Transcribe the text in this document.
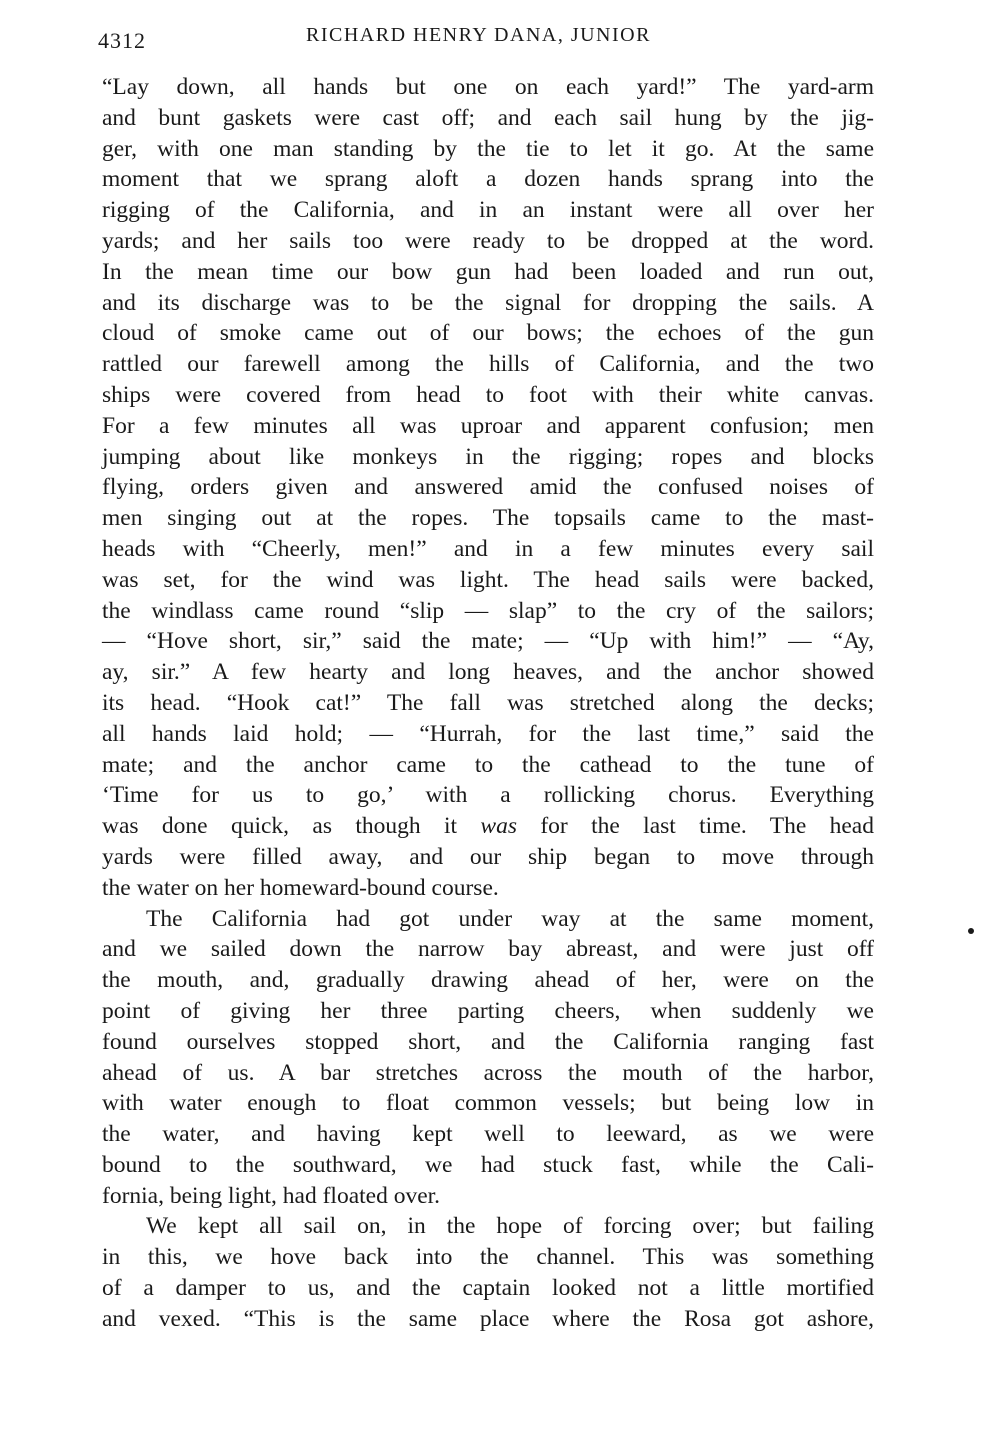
4312	RICHARD HENRY DANA, JUNIOR
“Lay down, all hands but one on each yard!” The yard-arm
and bunt gaskets were cast off; and each sail hung by the jig-
ger, with one man standing by the tie to let it go. At the same
moment that we sprang aloft a dozen hands sprang into the
rigging of the California, and in an instant were all over her
yards; and her sails too were ready to be dropped at the word.
In the mean time our bow gun had been loaded and run out,
and its discharge was to be the signal for dropping the sails. A
cloud of smoke came out of our bows; the echoes of the gun
rattled our farewell among the hills of California, and the two
ships were covered from head to foot with their white canvas.
For a few minutes all was uproar and apparent confusion; men
jumping about like monkeys in the rigging; ropes and blocks
flying, orders given and answered amid the confused noises of
men singing out at the ropes. The topsails came to the mast-
heads with “Cheerly, men!” and in a few minutes every sail
was set, for the wind was light. The head sails were backed,
the windlass came round “slip — slap” to the cry of the sailors;
— “Hove short, sir,” said the mate; — “Up with him!” — “Ay,
ay, sir.” A few hearty and long heaves, and the anchor showed
its head. “Hook cat!” The fall was stretched along the decks;
all hands laid hold; — “Hurrah, for the last time,” said the
mate; and the anchor came to the cathead to the tune of
‘Time for us to go,’ with a rollicking chorus. Everything
was done quick, as though it was for the last time. The head
yards were filled away, and our ship began to move through
the water on her homeward-bound course.
The California had got under way at the same moment,
and we sailed down the narrow bay abreast, and were just off
the mouth, and, gradually drawing ahead of her, were on the
point of giving her three parting cheers, when suddenly we
found ourselves stopped short, and the California ranging fast
ahead of us. A bar stretches across the mouth of the harbor,
with water enough to float common vessels; but being low in
the water, and having kept well to leeward, as we were
bound to the southward, we had stuck fast, while the Cali-
fornia, being light, had floated over.
We kept all sail on, in the hope of forcing over; but failing
in this, we hove back into the channel. This was something
of a damper to us, and the captain looked not a little mortified
and vexed. “This is the same place where the Rosa got ashore,
